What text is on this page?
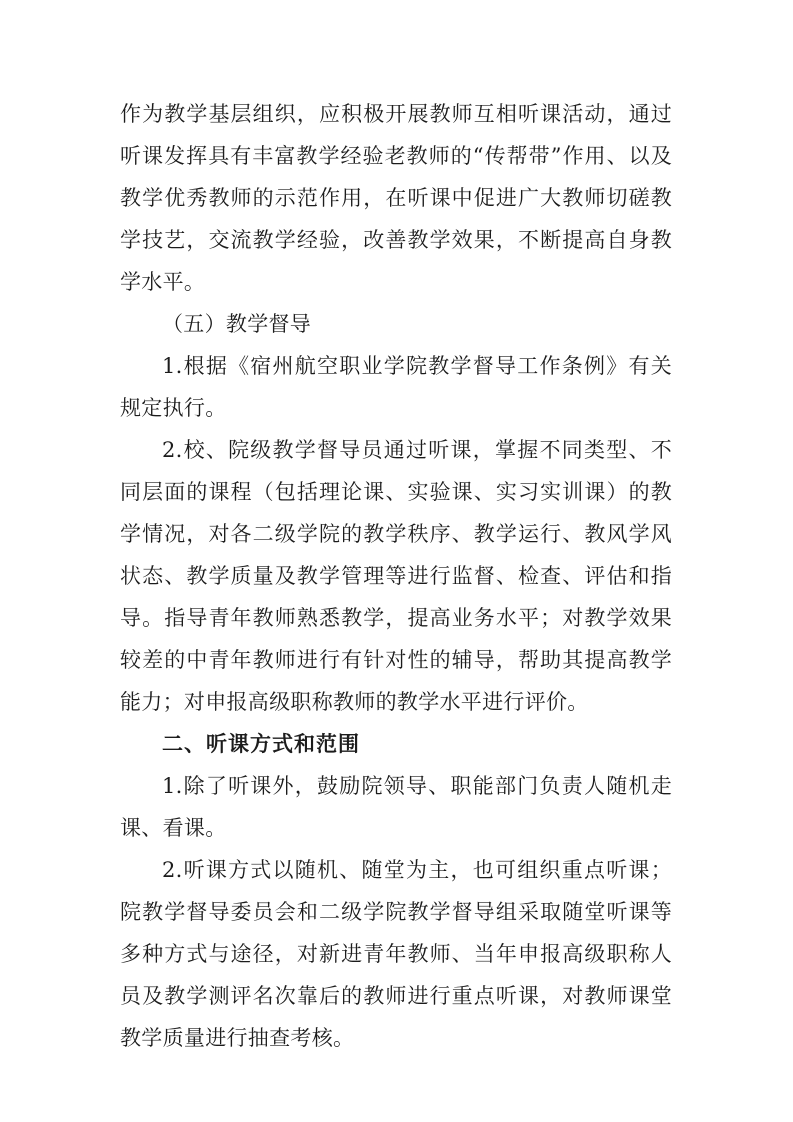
作为教学基层组织，应积极开展教师互相听课活动，通过听课发挥具有丰富教学经验老教师的“传帮带”作用、以及教学优秀教师的示范作用，在听课中促进广大教师切磋教学技艺，交流教学经验，改善教学效果，不断提高自身教学水平。

（五）教学督导

1.根据《宿州航空职业学院教学督导工作条例》有关规定执行。

2.校、院级教学督导员通过听课，掌握不同类型、不同层面的课程（包括理论课、实验课、实习实训课）的教学情况，对各二级学院的教学秩序、教学运行、教风学风状态、教学质量及教学管理等进行监督、检查、评估和指导。指导青年教师熟悉教学，提高业务水平；对教学效果较差的中青年教师进行有针对性的辅导，帮助其提高教学能力；对申报高级职称教师的教学水平进行评价。

二、听课方式和范围

1.除了听课外，鼓励院领导、职能部门负责人随机走课、看课。

2.听课方式以随机、随堂为主，也可组织重点听课；院教学督导委员会和二级学院教学督导组采取随堂听课等多种方式与途径，对新进青年教师、当年申报高级职称人员及教学测评名次靠后的教师进行重点听课，对教师课堂教学质量进行抽查考核。
